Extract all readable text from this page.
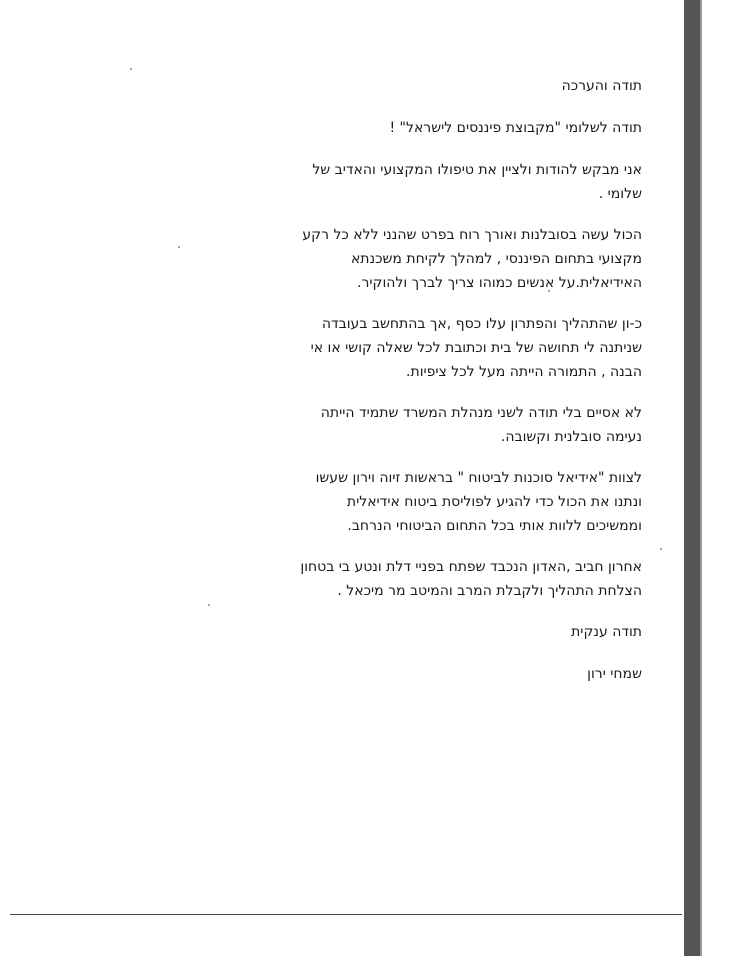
תודה והערכה
תודה לשלומי "מקבוצת פיננסים לישראל" !
אני מבקש להודות ולציין את טיפולו המקצועי והאדיב של
שלומי .
הכול עשה בסובלנות ואורך רוח בפרט שהנני ללא כל רקע
מקצועי בתחום הפיננסי , למהלך לקיחת משכנתא
האידיאלית.על אנשים כמוהו צריך לברך ולהוקיר.
כ-ון שהתהליך והפתרון עלו כסף ,אך בהתחשב בעובדה
שניתנה לי תחושה של בית וכתובת לכל שאלה קושי או אי
הבנה , התמורה הייתה מעל לכל ציפיות.
לא אסיים בלי תודה לשני מנהלת המשרד שתמיד הייתה
נעימה סובלנית וקשובה.
לצוות "אידיאל סוכנות לביטוח " בראשות זיוה וירון שעשו
ונתנו את הכול כדי להגיע לפוליסת ביטוח אידיאלית
וממשיכים ללוות אותי בכל התחום הביטוחי הנרחב.
אחרון חביב ,האדון הנכבד שפתח בפניי דלת ונטע בי בטחון
הצלחת התהליך ולקבלת המרב והמיטב מר מיכאל .
תודה ענקית
שמחי ירון
